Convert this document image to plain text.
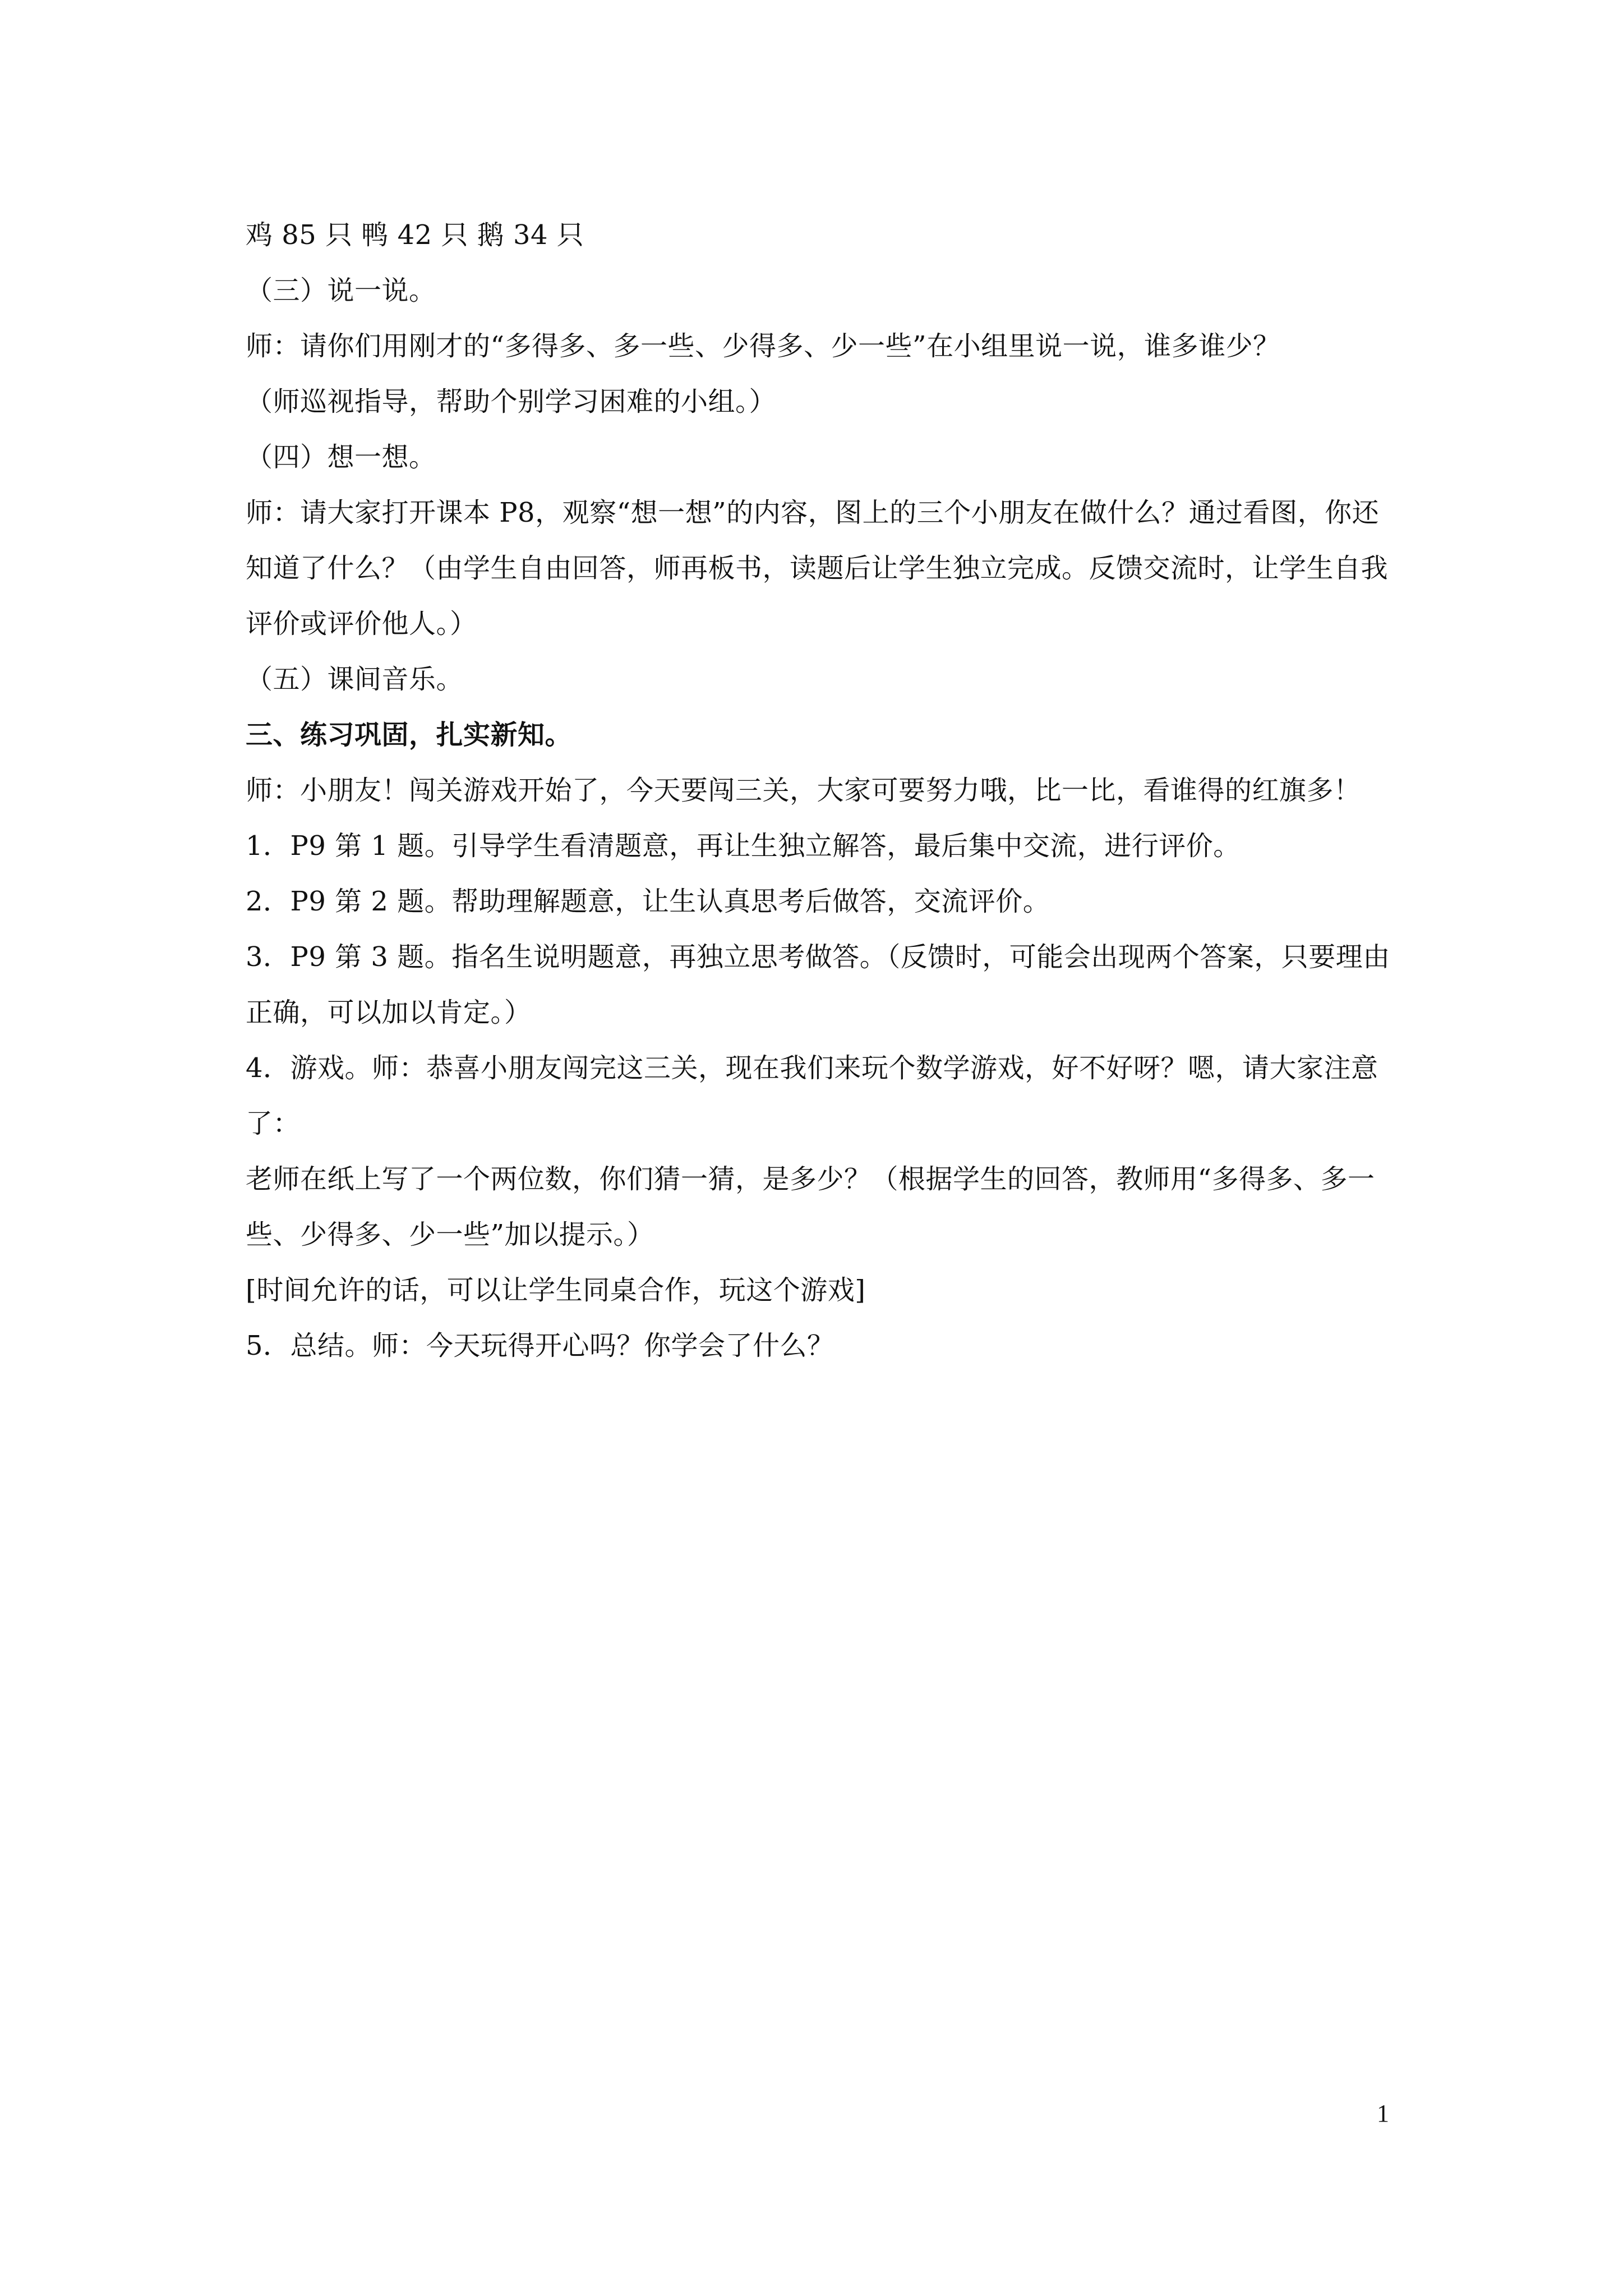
鸡 85 只 鸭 42 只 鹅 34 只

（三）说一说。

师：请你们用刚才的“多得多、多一些、少得多、少一些”在小组里说一说，谁多谁少？

（师巡视指导，帮助个别学习困难的小组。）

（四）想一想。

师：请大家打开课本 P8，观察“想一想”的内容，图上的三个小朋友在做什么？通过看图，你还知道了什么？（由学生自由回答，师再板书，读题后让学生独立完成。反馈交流时，让学生自我评价或评价他人。）

（五）课间音乐。

三、练习巩固，扎实新知。

师：小朋友！闯关游戏开始了，今天要闯三关，大家可要努力哦，比一比，看谁得的红旗多！

1．P9 第 1 题。引导学生看清题意，再让生独立解答，最后集中交流，进行评价。

2．P9 第 2 题。帮助理解题意，让生认真思考后做答，交流评价。

3．P9 第 3 题。指名生说明题意，再独立思考做答。（反馈时，可能会出现两个答案，只要理由正确，可以加以肯定。）

4．游戏。师：恭喜小朋友闯完这三关，现在我们来玩个数学游戏，好不好呀？嗯，请大家注意了：

老师在纸上写了一个两位数，你们猜一猜，是多少？（根据学生的回答，教师用“多得多、多一些、少得多、少一些”加以提示。）

[时间允许的话，可以让学生同桌合作，玩这个游戏]

5．总结。师：今天玩得开心吗？你学会了什么？

1
